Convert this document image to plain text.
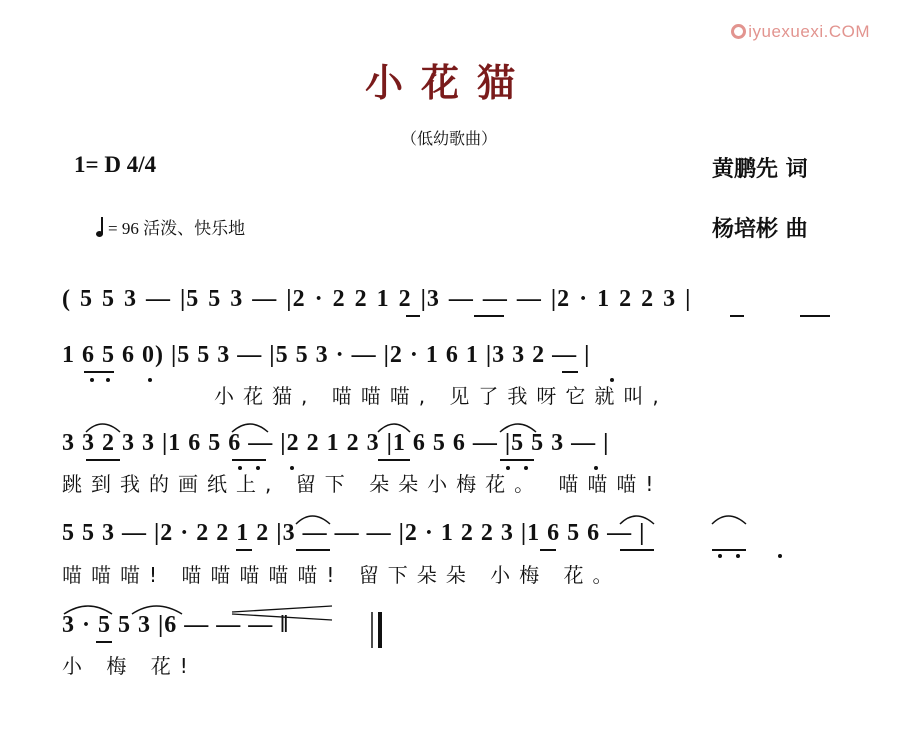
iyuexuexi.COM
小花猫
（低幼歌曲）
1= D 4/4
= 96 活泼、快乐地
黄鹏先 词
杨培彬 曲
( 5 5 3 — |5 5 3 — |2 · 2 2 1 2 |3 — — — |2 · 1 2 2 3 |
1 6 5 6 0) |5 5 3 — |5 5 3 · — |2 · 1 6 1 |3 3 2 — |
小花猫, 喵喵喵, 见了我呀它就叫,
3 3 2 3 3 |1 6 5 6 — |2 2 1 2 3 |1 6 5 6 — |5 5 3 — |
跳到我的画纸上, 留下 朵朵小梅花。 喵喵喵!
5 5 3 — |2 · 2 2 1 2 |3 — — — |2 · 1 2 2 3 |1 6 5 6 — |
喵喵喵! 喵喵喵喵喵! 留下朵朵 小梅 花。
3 · 5 5 3 |6 — — — ‖
小 梅 花!
